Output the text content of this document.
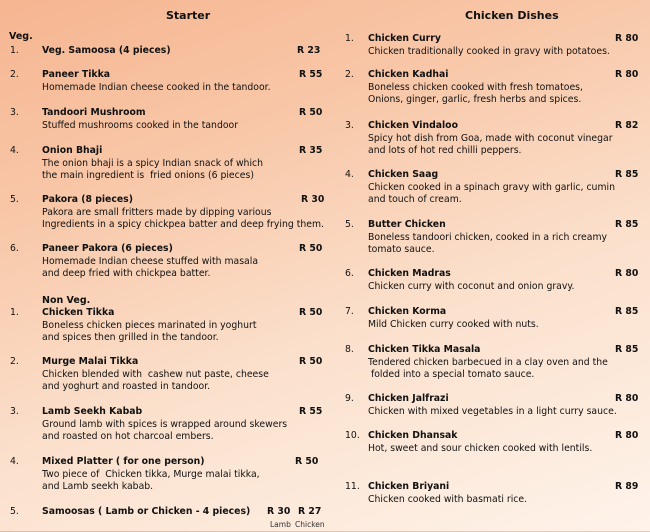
Starter	Chicken Dishes
Veg.
Non Veg.
1. Veg. Samoosa (4 pieces)	R 23
2. Paneer Tikka	R 55
Homemade Indian cheese cooked in the tandoor.
3. Tandoori Mushroom	R 50
Stuffed mushrooms cooked in the tandoor
4. Onion Bhaji	R 35
The onion bhaji is a spicy Indian snack of which
the main ingredient is  fried onions (6 pieces)
5. Pakora (8 pieces)	R 30
Pakora are small fritters made by dipping various
Ingredients in a spicy chickpea batter and deep frying them.
6. Paneer Pakora (6 pieces)	R 50
Homemade Indian cheese stuffed with masala
and deep fried with chickpea batter.
1. Chicken Tikka	R 50
Boneless chicken pieces marinated in yoghurt
and spices then grilled in the tandoor.
2. Murge Malai Tikka	R 50
Chicken blended with  cashew nut paste, cheese
and yoghurt and roasted in tandoor.
3. Lamb Seekh Kabab	R 55
Ground lamb with spices is wrapped around skewers
and roasted on hot charcoal embers.
4. Mixed Platter ( for one person)	R 50
Two piece of  Chicken tikka, Murge malai tikka,
and Lamb seekh kabab.
5. Samoosas ( Lamb or Chicken - 4 pieces) R 30 R 27
Lamb Chicken
1. Chicken Curry	R 80
Chicken traditionally cooked in gravy with potatoes.
2. Chicken Kadhai	R 80
Boneless chicken cooked with fresh tomatoes,
Onions, ginger, garlic, fresh herbs and spices.
3. Chicken Vindaloo	R 82
Spicy hot dish from Goa, made with coconut vinegar
and lots of hot red chilli peppers.
4. Chicken Saag	R 85
Chicken cooked in a spinach gravy with garlic, cumin
and touch of cream.
5. Butter Chicken	R 85
Boneless tandoori chicken, cooked in a rich creamy
tomato sauce.
6. Chicken Madras	R 80
Chicken curry with coconut and onion gravy.
7. Chicken Korma	R 85
Mild Chicken curry cooked with nuts.
8. Chicken Tikka Masala	R 85
Tendered chicken barbecued in a clay oven and the
folded into a special tomato sauce.
9. Chicken Jalfrazi	R 80
Chicken with mixed vegetables in a light curry sauce.
10. Chicken Dhansak	R 80
Hot, sweet and sour chicken cooked with lentils.
11. Chicken Briyani	R 89
Chicken cooked with basmati rice.
